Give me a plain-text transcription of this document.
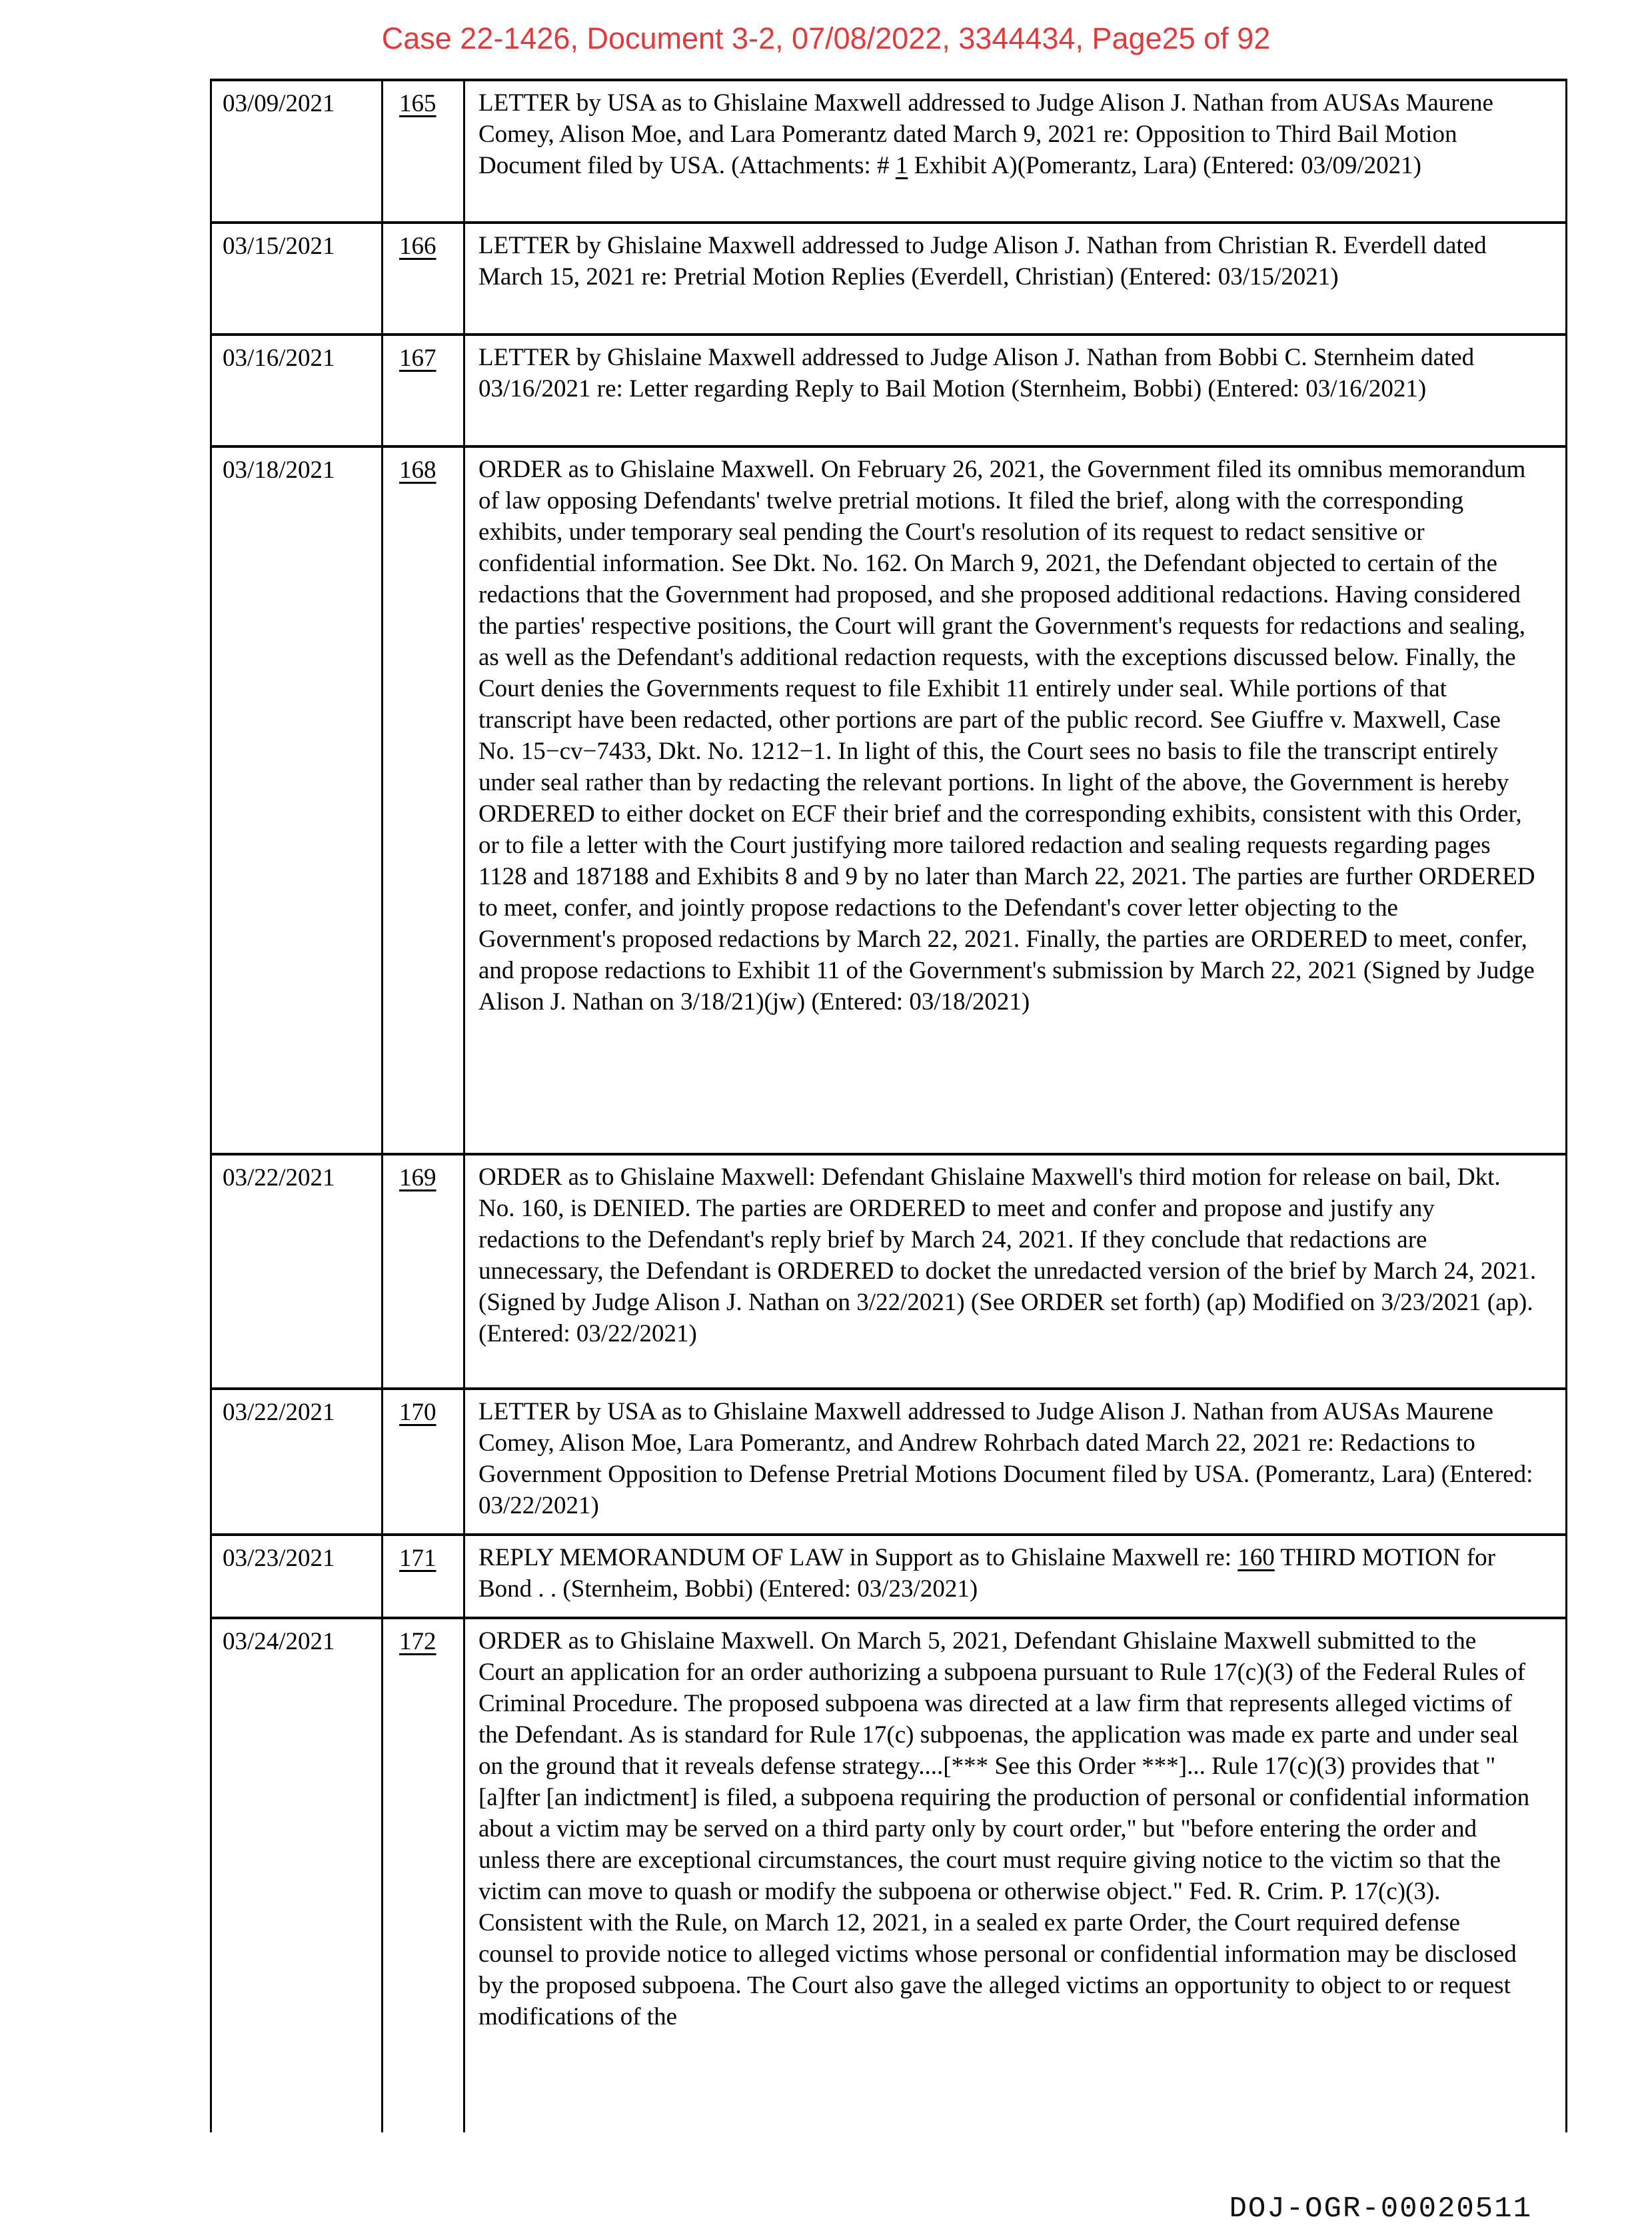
Case 22-1426, Document 3-2, 07/08/2022, 3344434, Page25 of 92
03/09/2021	165	LETTER by USA as to Ghislaine Maxwell addressed to Judge Alison J. Nathan from AUSAs Maurene Comey, Alison Moe, and Lara Pomerantz dated March 9, 2021 re: Opposition to Third Bail Motion Document filed by USA. (Attachments: # 1 Exhibit A)(Pomerantz, Lara) (Entered: 03/09/2021)
03/15/2021	166	LETTER by Ghislaine Maxwell addressed to Judge Alison J. Nathan from Christian R. Everdell dated March 15, 2021 re: Pretrial Motion Replies (Everdell, Christian) (Entered: 03/15/2021)
03/16/2021	167	LETTER by Ghislaine Maxwell addressed to Judge Alison J. Nathan from Bobbi C. Sternheim dated 03/16/2021 re: Letter regarding Reply to Bail Motion (Sternheim, Bobbi) (Entered: 03/16/2021)
03/18/2021	168	ORDER as to Ghislaine Maxwell. On February 26, 2021, the Government filed its omnibus memorandum of law opposing Defendants' twelve pretrial motions. It filed the brief, along with the corresponding exhibits, under temporary seal pending the Court's resolution of its request to redact sensitive or confidential information. See Dkt. No. 162. On March 9, 2021, the Defendant objected to certain of the redactions that the Government had proposed, and she proposed additional redactions. Having considered the parties' respective positions, the Court will grant the Government's requests for redactions and sealing, as well as the Defendant's additional redaction requests, with the exceptions discussed below. Finally, the Court denies the Governments request to file Exhibit 11 entirely under seal. While portions of that transcript have been redacted, other portions are part of the public record. See Giuffre v. Maxwell, Case No. 15−cv−7433, Dkt. No. 1212−1. In light of this, the Court sees no basis to file the transcript entirely under seal rather than by redacting the relevant portions. In light of the above, the Government is hereby ORDERED to either docket on ECF their brief and the corresponding exhibits, consistent with this Order, or to file a letter with the Court justifying more tailored redaction and sealing requests regarding pages 1128 and 187188 and Exhibits 8 and 9 by no later than March 22, 2021. The parties are further ORDERED to meet, confer, and jointly propose redactions to the Defendant's cover letter objecting to the Government's proposed redactions by March 22, 2021. Finally, the parties are ORDERED to meet, confer, and propose redactions to Exhibit 11 of the Government's submission by March 22, 2021 (Signed by Judge Alison J. Nathan on 3/18/21)(jw) (Entered: 03/18/2021)
03/22/2021	169	ORDER as to Ghislaine Maxwell: Defendant Ghislaine Maxwell's third motion for release on bail, Dkt. No. 160, is DENIED. The parties are ORDERED to meet and confer and propose and justify any redactions to the Defendant's reply brief by March 24, 2021. If they conclude that redactions are unnecessary, the Defendant is ORDERED to docket the unredacted version of the brief by March 24, 2021. (Signed by Judge Alison J. Nathan on 3/22/2021) (See ORDER set forth) (ap) Modified on 3/23/2021 (ap). (Entered: 03/22/2021)
03/22/2021	170	LETTER by USA as to Ghislaine Maxwell addressed to Judge Alison J. Nathan from AUSAs Maurene Comey, Alison Moe, Lara Pomerantz, and Andrew Rohrbach dated March 22, 2021 re: Redactions to Government Opposition to Defense Pretrial Motions Document filed by USA. (Pomerantz, Lara) (Entered: 03/22/2021)
03/23/2021	171	REPLY MEMORANDUM OF LAW in Support as to Ghislaine Maxwell re: 160 THIRD MOTION for Bond . . (Sternheim, Bobbi) (Entered: 03/23/2021)
03/24/2021	172	ORDER as to Ghislaine Maxwell. On March 5, 2021, Defendant Ghislaine Maxwell submitted to the Court an application for an order authorizing a subpoena pursuant to Rule 17(c)(3) of the Federal Rules of Criminal Procedure. The proposed subpoena was directed at a law firm that represents alleged victims of the Defendant. As is standard for Rule 17(c) subpoenas, the application was made ex parte and under seal on the ground that it reveals defense strategy....[*** See this Order ***]... Rule 17(c)(3) provides that "[a]fter [an indictment] is filed, a subpoena requiring the production of personal or confidential information about a victim may be served on a third party only by court order," but "before entering the order and unless there are exceptional circumstances, the court must require giving notice to the victim so that the victim can move to quash or modify the subpoena or otherwise object." Fed. R. Crim. P. 17(c)(3). Consistent with the Rule, on March 12, 2021, in a sealed ex parte Order, the Court required defense counsel to provide notice to alleged victims whose personal or confidential information may be disclosed by the proposed subpoena. The Court also gave the alleged victims an opportunity to object to or request modifications of the
DOJ-OGR-00020511
